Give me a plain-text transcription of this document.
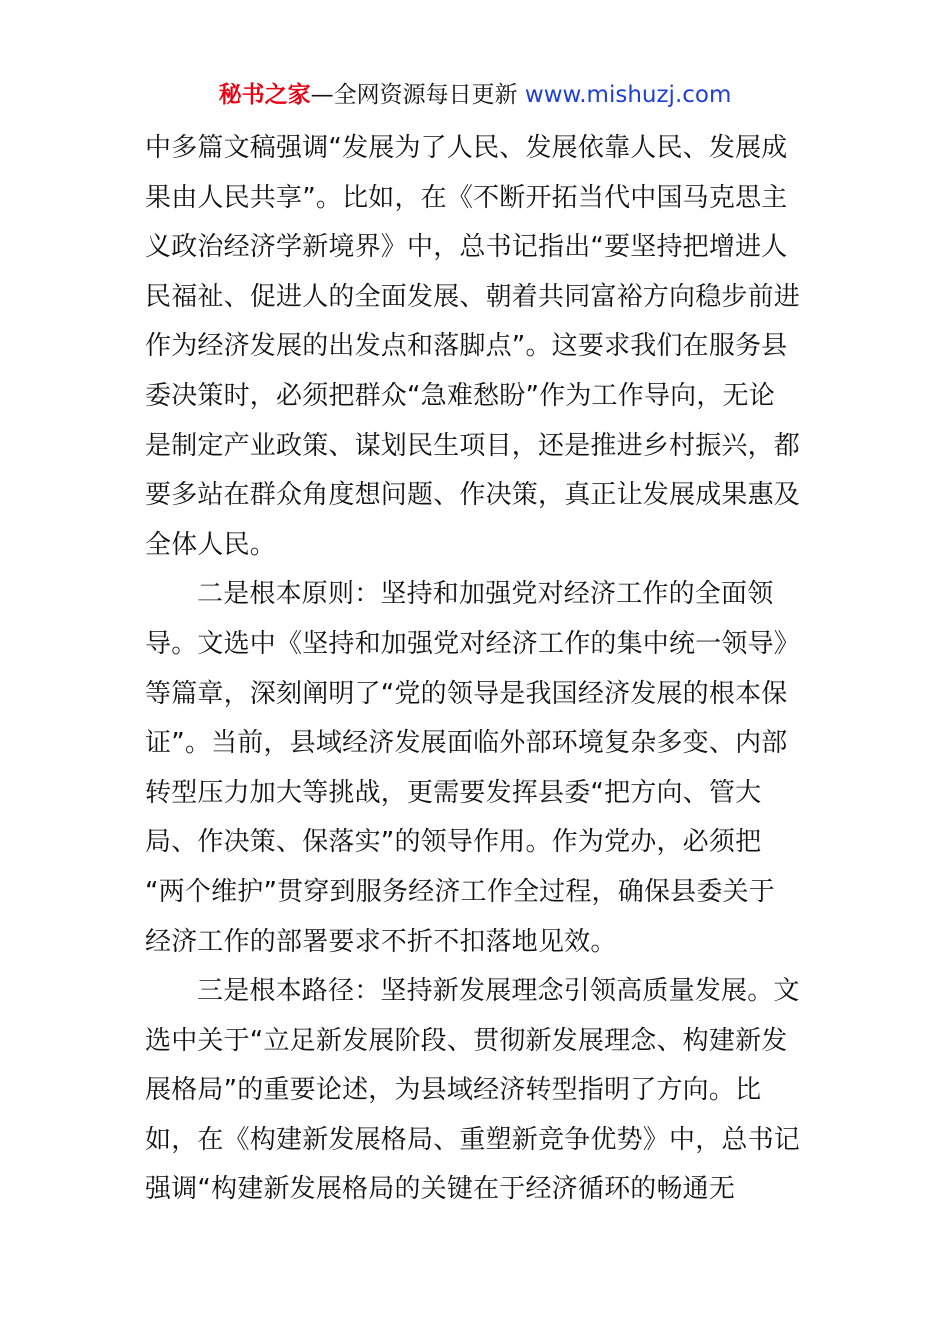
秘书之家—全网资源每日更新 www.mishuzj.com
中多篇文稿强调“发展为了人民、发展依靠人民、发展成
果由人民共享”。比如，在《不断开拓当代中国马克思主
义政治经济学新境界》中，总书记指出“要坚持把增进人
民福祉、促进人的全面发展、朝着共同富裕方向稳步前进
作为经济发展的出发点和落脚点”。这要求我们在服务县
委决策时，必须把群众“急难愁盼”作为工作导向，无论
是制定产业政策、谋划民生项目，还是推进乡村振兴，都
要多站在群众角度想问题、作决策，真正让发展成果惠及
全体人民。
二是根本原则：坚持和加强党对经济工作的全面领
导。文选中《坚持和加强党对经济工作的集中统一领导》
等篇章，深刻阐明了“党的领导是我国经济发展的根本保
证”。当前，县域经济发展面临外部环境复杂多变、内部
转型压力加大等挑战，更需要发挥县委“把方向、管大
局、作决策、保落实”的领导作用。作为党办，必须把
“两个维护”贯穿到服务经济工作全过程，确保县委关于
经济工作的部署要求不折不扣落地见效。
三是根本路径：坚持新发展理念引领高质量发展。文
选中关于“立足新发展阶段、贯彻新发展理念、构建新发
展格局”的重要论述，为县域经济转型指明了方向。比
如，在《构建新发展格局、重塑新竞争优势》中，总书记
强调“构建新发展格局的关键在于经济循环的畅通无
